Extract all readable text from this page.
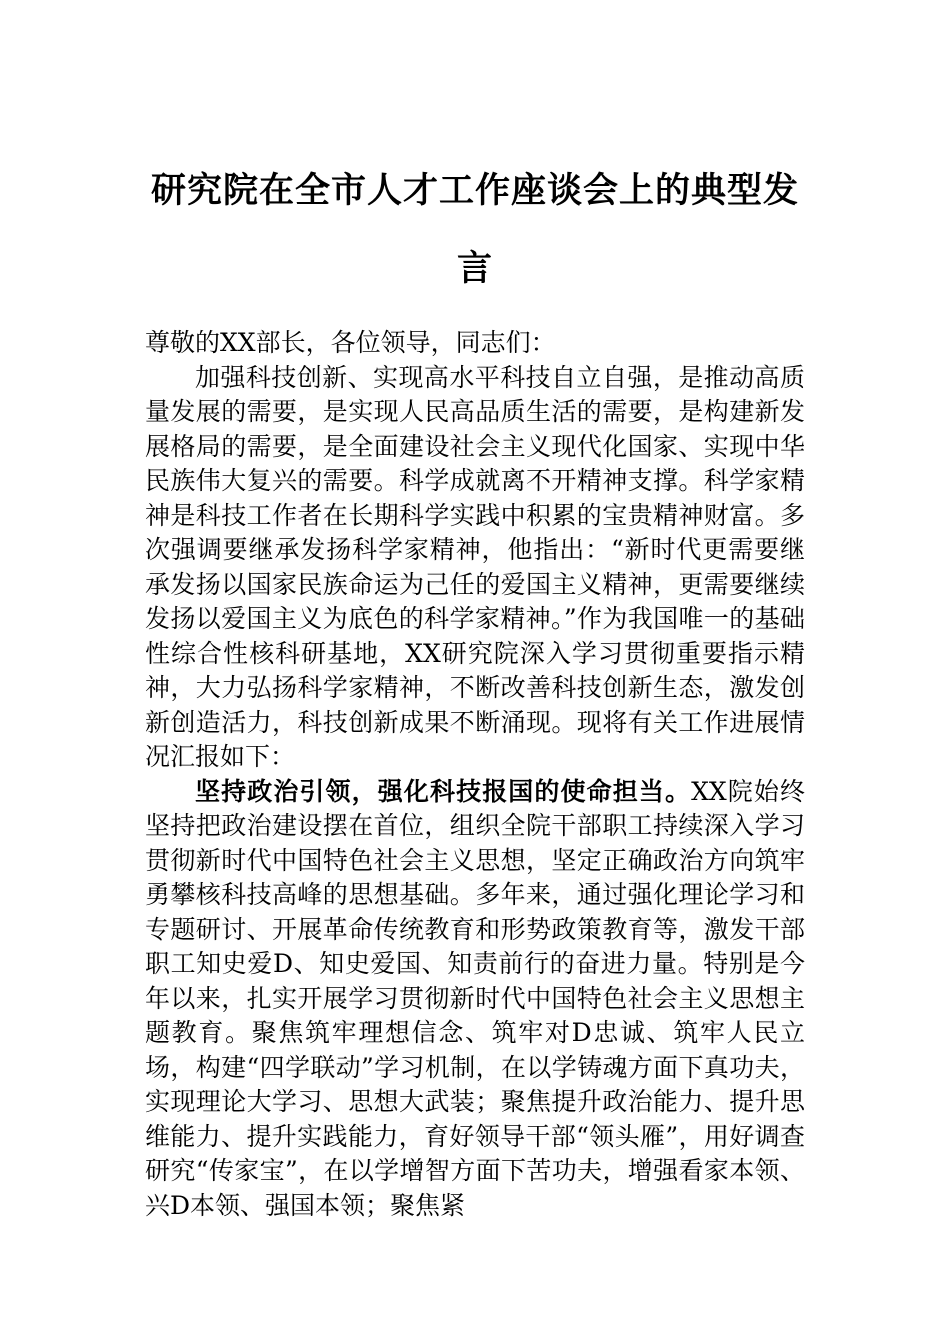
研究院在全市人才工作座谈会上的典型发言

尊敬的XX部长，各位领导，同志们：

加强科技创新、实现高水平科技自立自强，是推动高质量发展的需要，是实现人民高品质生活的需要，是构建新发展格局的需要，是全面建设社会主义现代化国家、实现中华民族伟大复兴的需要。科学成就离不开精神支撑。科学家精神是科技工作者在长期科学实践中积累的宝贵精神财富。多次强调要继承发扬科学家精神，他指出：“新时代更需要继承发扬以国家民族命运为己任的爱国主义精神，更需要继续发扬以爱国主义为底色的科学家精神。”作为我国唯一的基础性综合性核科研基地，XX研究院深入学习贯彻重要指示精神，大力弘扬科学家精神，不断改善科技创新生态，激发创新创造活力，科技创新成果不断涌现。现将有关工作进展情况汇报如下：

坚持政治引领，强化科技报国的使命担当。XX院始终坚持把政治建设摆在首位，组织全院干部职工持续深入学习贯彻新时代中国特色社会主义思想，坚定正确政治方向筑牢勇攀核科技高峰的思想基础。多年来，通过强化理论学习和专题研讨、开展革命传统教育和形势政策教育等，激发干部职工知史爱D、知史爱国、知责前行的奋进力量。特别是今年以来，扎实开展学习贯彻新时代中国特色社会主义思想主题教育。聚焦筑牢理想信念、筑牢对D忠诚、筑牢人民立场，构建“四学联动”学习机制，在以学铸魂方面下真功夫，实现理论大学习、思想大武装；聚焦提升政治能力、提升思维能力、提升实践能力，育好领导干部“领头雁”，用好调查研究“传家宝”，在以学增智方面下苦功夫，增强看家本领、兴D本领、强国本领；聚焦紧
